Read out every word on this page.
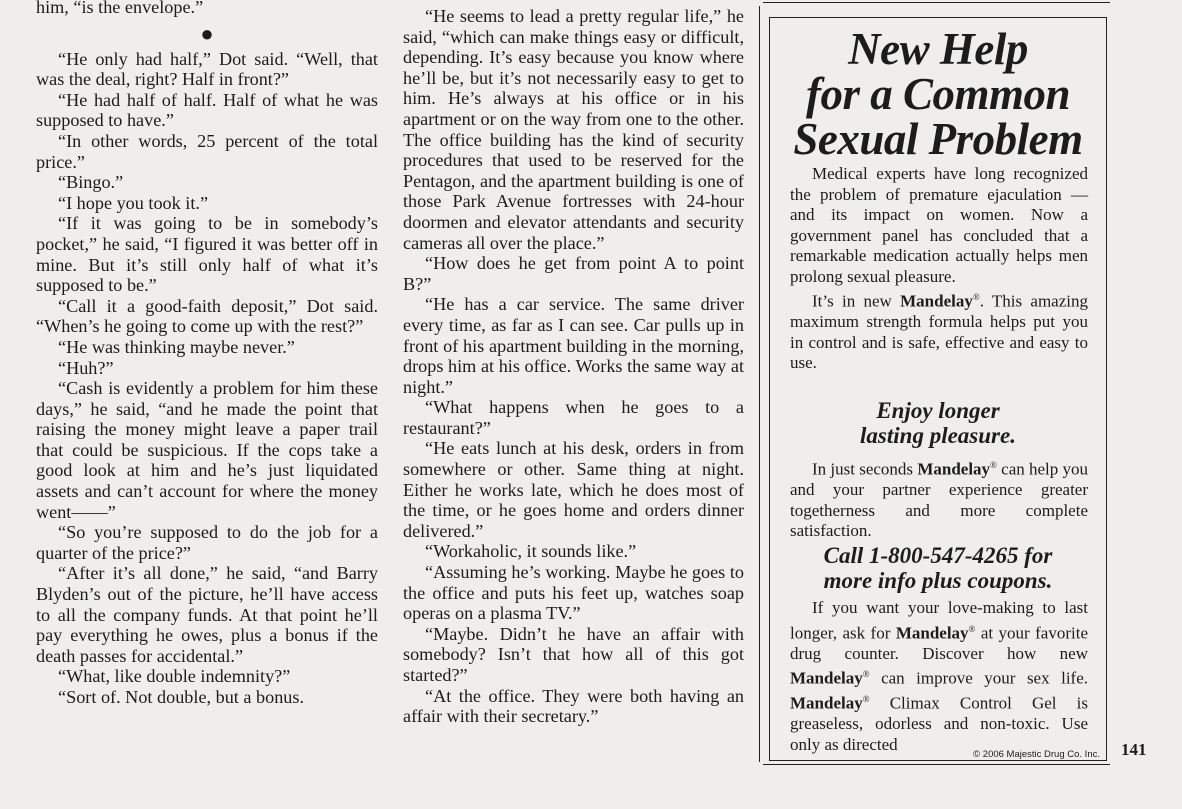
him, “is the envelope.”

●

“He only had half,” Dot said. “Well, that was the deal, right? Half in front?”

“He had half of half. Half of what he was supposed to have.”

“In other words, 25 percent of the total price.”

“Bingo.”

“I hope you took it.”

“If it was going to be in somebody’s pocket,” he said, “I figured it was better off in mine. But it’s still only half of what it’s supposed to be.”

“Call it a good-faith deposit,” Dot said. “When’s he going to come up with the rest?”

“He was thinking maybe never.”

“Huh?”

“Cash is evidently a problem for him these days,” he said, “and he made the point that raising the money might leave a paper trail that could be suspicious. If the cops take a good look at him and he’s just liquidated assets and can’t account for where the money went——”

“So you’re supposed to do the job for a quarter of the price?”

“After it’s all done,” he said, “and Barry Blyden’s out of the picture, he’ll have access to all the company funds. At that point he’ll pay everything he owes, plus a bonus if the death passes for accidental.”

“What, like double indemnity?”

“Sort of. Not double, but a bonus.

“He seems to lead a pretty regular life,” he said, “which can make things easy or difficult, depending. It’s easy because you know where he’ll be, but it’s not necessarily easy to get to him. He’s always at his office or in his apartment or on the way from one to the other. The office building has the kind of security procedures that used to be reserved for the Pentagon, and the apartment building is one of those Park Avenue fortresses with 24-hour doormen and elevator attendants and security cameras all over the place.”

“How does he get from point A to point B?”

“He has a car service. The same driver every time, as far as I can see. Car pulls up in front of his apartment building in the morning, drops him at his office. Works the same way at night.”

“What happens when he goes to a restaurant?”

“He eats lunch at his desk, orders in from somewhere or other. Same thing at night. Either he works late, which he does most of the time, or he goes home and orders dinner delivered.”

“Workaholic, it sounds like.”

“Assuming he’s working. Maybe he goes to the office and puts his feet up, watches soap operas on a plasma TV.”

“Maybe. Didn’t he have an affair with somebody? Isn’t that how all of this got started?”

“At the office. They were both having an affair with their secretary.”

New Help
for a Common
Sexual Problem

Medical experts have long recognized the problem of premature ejaculation — and its impact on women. Now a government panel has concluded that a remarkable medication actually helps men prolong sexual pleasure.

It’s in new Mandelay®. This amazing maximum strength formula helps put you in control and is safe, effective and easy to use.

Enjoy longer
lasting pleasure.

In just seconds Mandelay® can help you and your partner experience greater togetherness and more complete satisfaction.

Call 1-800-547-4265 for
more info plus coupons.

If you want your love-making to last longer, ask for Mandelay® at your favorite drug counter. Discover how new Mandelay® can improve your sex life. Mandelay® Climax Control Gel is greaseless, odorless and non-toxic. Use only as directed

© 2006 Majestic Drug Co. Inc. 141
